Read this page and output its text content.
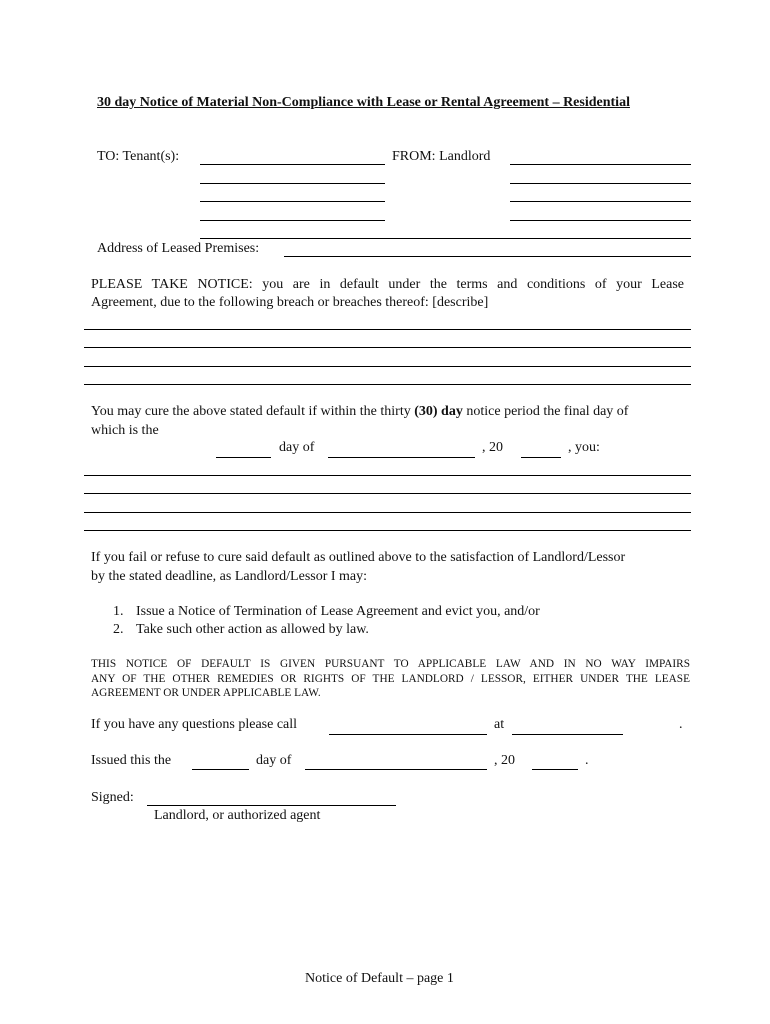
30 day Notice of Material Non-Compliance with Lease or Rental Agreement – Residential
TO: Tenant(s):	FROM: Landlord
Address of Leased Premises:
PLEASE TAKE NOTICE: you are in default under the terms and conditions of your Lease
Agreement, due to the following breach or breaches thereof: [describe]
You may cure the above stated default if within the thirty (30) day notice period the final day of
which is the
day of	, 20	, you:
If you fail or refuse to cure said default as outlined above to the satisfaction of Landlord/Lessor
by the stated deadline, as Landlord/Lessor I may:
1. Issue a Notice of Termination of Lease Agreement and evict you, and/or
2. Take such other action as allowed by law.
THIS NOTICE OF DEFAULT IS GIVEN PURSUANT TO APPLICABLE LAW AND IN NO WAY IMPAIRS
ANY OF THE OTHER REMEDIES OR RIGHTS OF THE LANDLORD / LESSOR, EITHER UNDER THE LEASE
AGREEMENT OR UNDER APPLICABLE LAW.
If you have any questions please call	at	.
Issued this the	day of	, 20	.
Signed:
Landlord, or authorized agent
Notice of Default – page 1
